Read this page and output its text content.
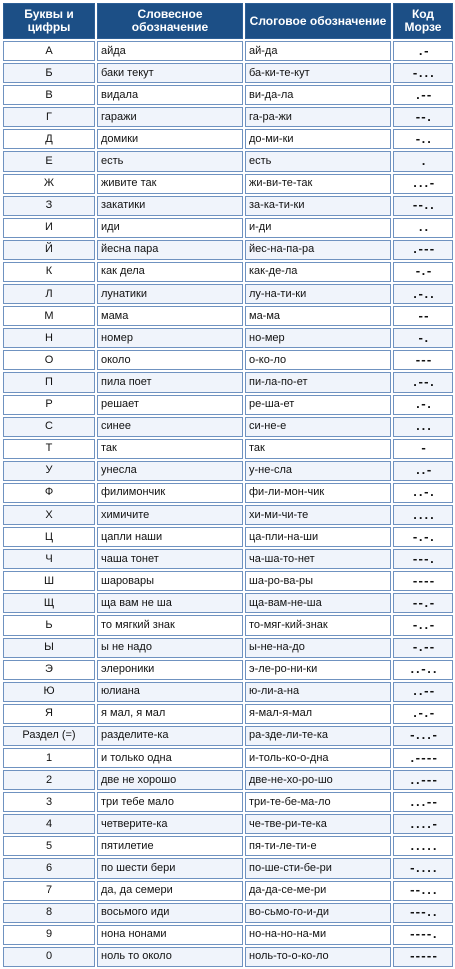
Буквы и цифры	Словесное обозначение	Слоговое обозначение	Код Морзе
А	айда	ай-да	.-
Б	баки текут	ба-ки-те-кут	-...
В	видала	ви-да-ла	.--
Г	гаражи	га-ра-жи	--.
Д	домики	до-ми-ки	-..
Е	есть	есть	.
Ж	живите так	жи-ви-те-так	...-
З	закатики	за-ка-ти-ки	--..
И	иди	и-ди	..
Й	йесна пара	йес-на-па-ра	.---
К	как дела	как-де-ла	-.-
Л	лунатики	лу-на-ти-ки	.-..
М	мама	ма-ма	--
Н	номер	но-мер	-.
О	около	о-ко-ло	---
П	пила поет	пи-ла-по-ет	.--.
Р	решает	ре-ша-ет	.-.
С	синее	си-не-е	...
Т	так	так	-
У	унесла	у-не-сла	..-
Ф	филимончик	фи-ли-мон-чик	..-.
Х	химичите	хи-ми-чи-те	....
Ц	цапли наши	ца-пли-на-ши	-.-.
Ч	чаша тонет	ча-ша-то-нет	---.
Ш	шаровары	ша-ро-ва-ры	----
Щ	ща вам не ша	ща-вам-не-ша	--.-
Ь	то мягкий знак	то-мяг-кий-знак	-..-
Ы	ы не надо	ы-не-на-до	-.--
Э	элероники	э-ле-ро-ни-ки	..-..
Ю	юлиана	ю-ли-а-на	..--
Я	я мал, я мал	я-мал-я-мал	.-.-
Раздел (=)	разделите-ка	ра-зде-ли-те-ка	-...-
1	и только одна	и-толь-ко-о-дна	.----
2	две не хорошо	две-не-хо-ро-шо	..---
3	три тебе мало	три-те-бе-ма-ло	...--
4	четверите-ка	че-тве-ри-те-ка	....-
5	пятилетие	пя-ти-ле-ти-е	.....
6	по шести бери	по-ше-сти-бе-ри	-....
7	да, да семери	да-да-се-ме-ри	--...
8	восьмого иди	во-сьмо-го-и-ди	---..
9	нона нонами	но-на-но-на-ми	----.
0	ноль то около	ноль-то-о-ко-ло	-----
